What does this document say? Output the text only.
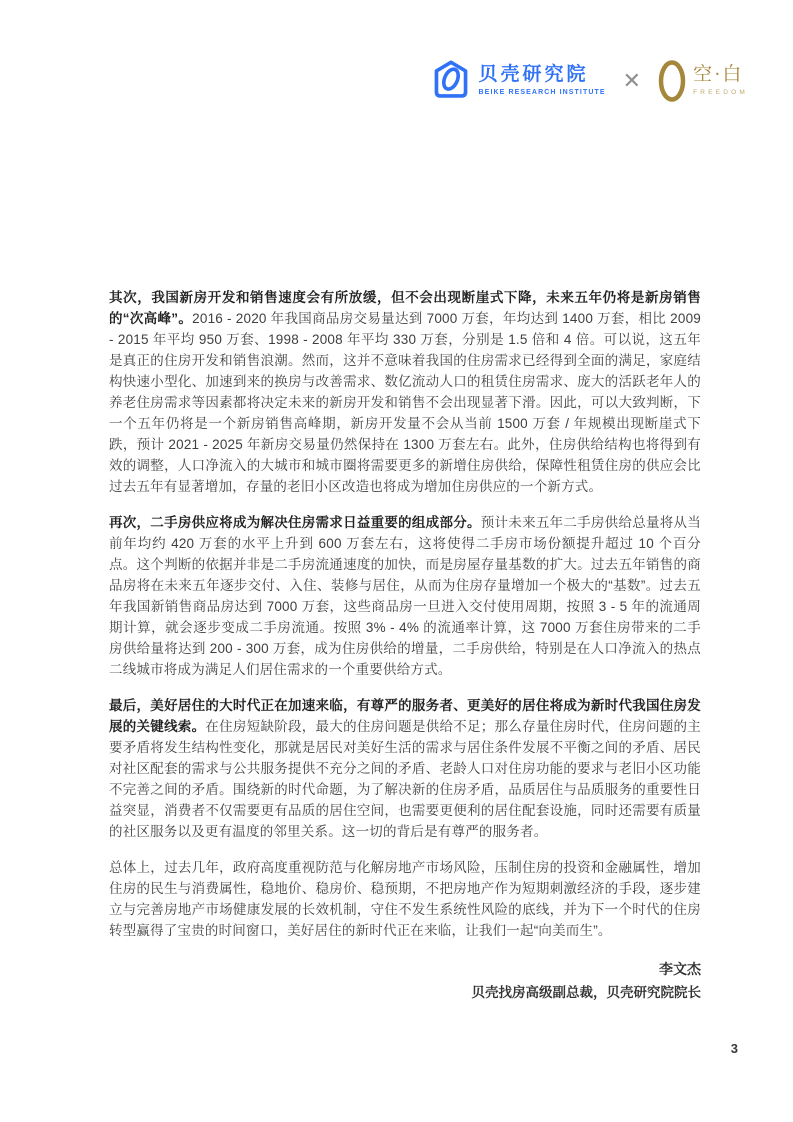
贝壳研究院
BEIKE RESEARCH INSTITUTE ✕	空·白
FREEDOM

其次，我国新房开发和销售速度会有所放缓，但不会出现断崖式下降，未来五年仍将是新房销售的“次高峰”。2016 - 2020 年我国商品房交易量达到 7000 万套，年均达到 1400 万套，相比 2009 - 2015 年平均 950 万套、1998 - 2008 年平均 330 万套，分别是 1.5 倍和 4 倍。可以说，这五年是真正的住房开发和销售浪潮。然而，这并不意味着我国的住房需求已经得到全面的满足，家庭结构快速小型化、加速到来的换房与改善需求、数亿流动人口的租赁住房需求、庞大的活跃老年人的养老住房需求等因素都将决定未来的新房开发和销售不会出现显著下滑。因此，可以大致判断，下一个五年仍将是一个新房销售高峰期，新房开发量不会从当前 1500 万套 / 年规模出现断崖式下跌，预计 2021 - 2025 年新房交易量仍然保持在 1300 万套左右。此外，住房供给结构也将得到有效的调整，人口净流入的大城市和城市圈将需要更多的新增住房供给，保障性租赁住房的供应会比过去五年有显著增加，存量的老旧小区改造也将成为增加住房供应的一个新方式。

再次，二手房供应将成为解决住房需求日益重要的组成部分。预计未来五年二手房供给总量将从当前年均约 420 万套的水平上升到 600 万套左右，这将使得二手房市场份额提升超过 10 个百分点。这个判断的依据并非是二手房流通速度的加快，而是房屋存量基数的扩大。过去五年销售的商品房将在未来五年逐步交付、入住、装修与居住，从而为住房存量增加一个极大的“基数”。过去五年我国新销售商品房达到 7000 万套，这些商品房一旦进入交付使用周期，按照 3 - 5 年的流通周期计算，就会逐步变成二手房流通。按照 3% - 4% 的流通率计算，这 7000 万套住房带来的二手房供给量将达到 200 - 300 万套，成为住房供给的增量，二手房供给，特别是在人口净流入的热点二线城市将成为满足人们居住需求的一个重要供给方式。

最后，美好居住的大时代正在加速来临，有尊严的服务者、更美好的居住将成为新时代我国住房发展的关键线索。在住房短缺阶段，最大的住房问题是供给不足；那么存量住房时代，住房问题的主要矛盾将发生结构性变化，那就是居民对美好生活的需求与居住条件发展不平衡之间的矛盾、居民对社区配套的需求与公共服务提供不充分之间的矛盾、老龄人口对住房功能的要求与老旧小区功能不完善之间的矛盾。围绕新的时代命题，为了解决新的住房矛盾，品质居住与品质服务的重要性日益突显，消费者不仅需要更有品质的居住空间，也需要更便利的居住配套设施，同时还需要有质量的社区服务以及更有温度的邻里关系。这一切的背后是有尊严的服务者。

总体上，过去几年，政府高度重视防范与化解房地产市场风险，压制住房的投资和金融属性，增加住房的民生与消费属性，稳地价、稳房价、稳预期，不把房地产作为短期刺激经济的手段，逐步建立与完善房地产市场健康发展的长效机制，守住不发生系统性风险的底线，并为下一个时代的住房转型赢得了宝贵的时间窗口，美好居住的新时代正在来临，让我们一起“向美而生”。

李文杰
贝壳找房高级副总裁，贝壳研究院院长
3
